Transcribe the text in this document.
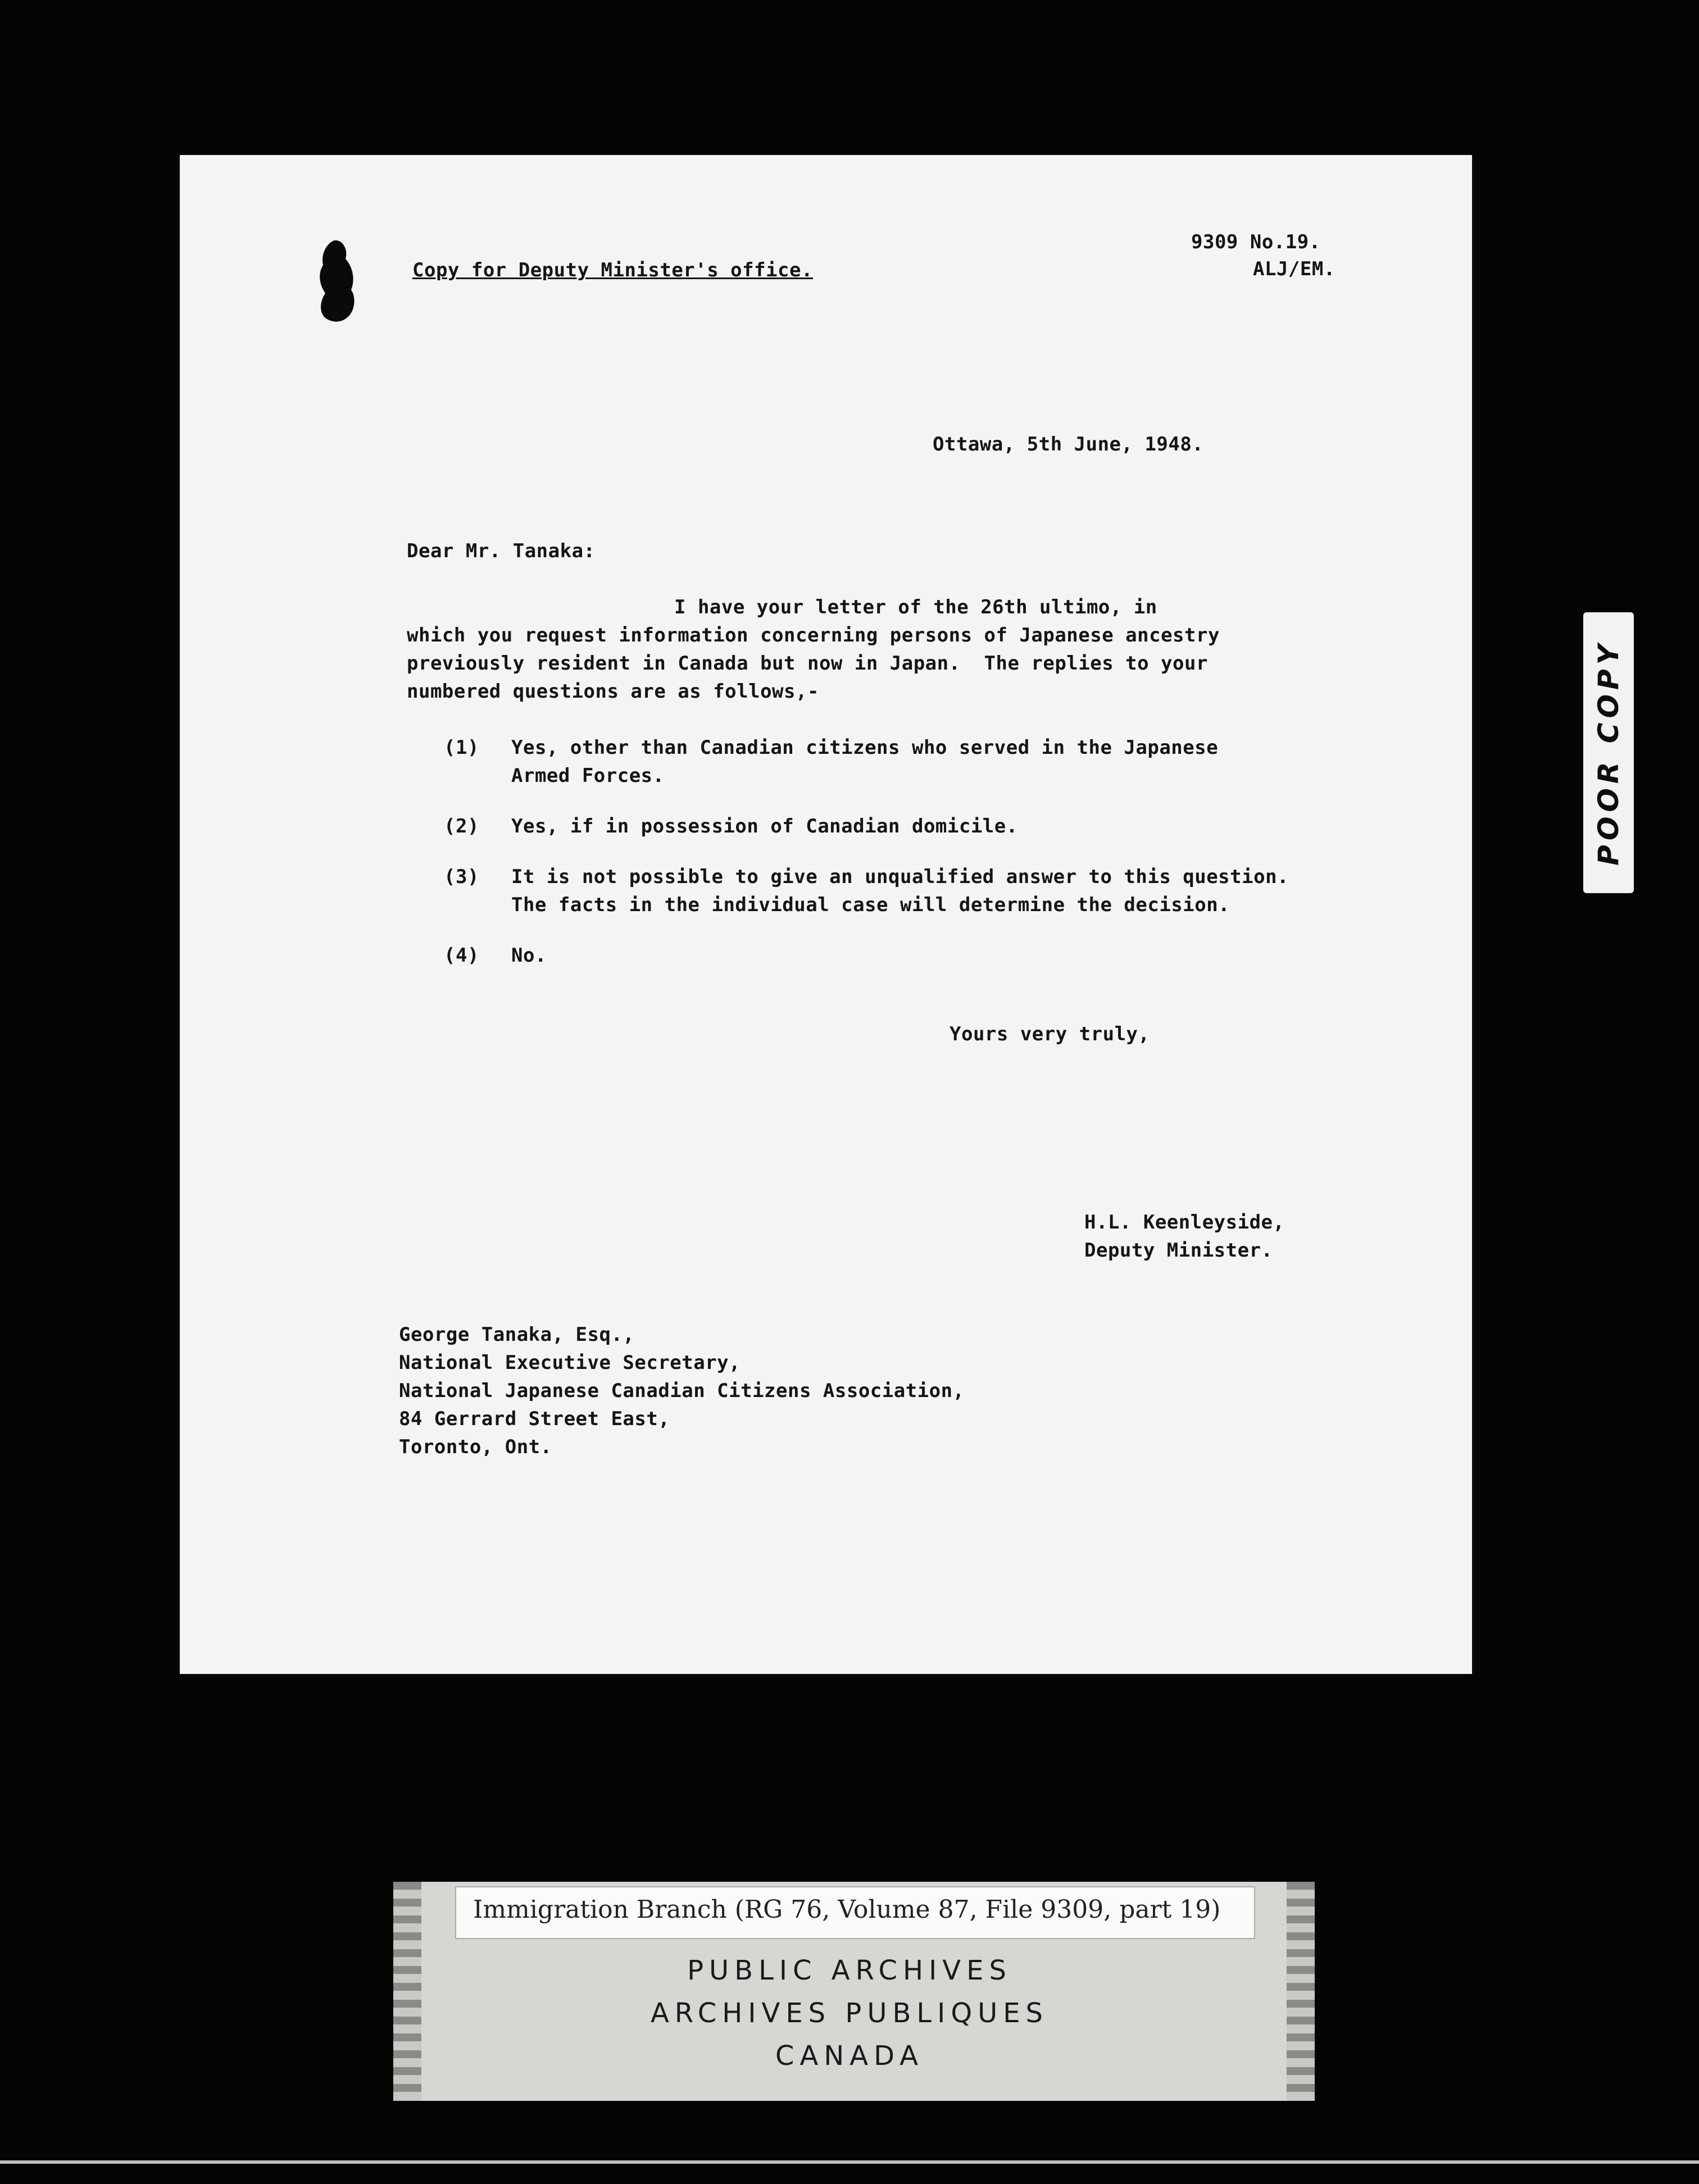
Copy for Deputy Minister's office.

9309 No.19.

ALJ/EM.

Ottawa, 5th June, 1948.

Dear Mr. Tanaka:

I have your letter of the 26th ultimo, in

which you request information concerning persons of Japanese ancestry

previously resident in Canada but now in Japan.  The replies to your

numbered questions are as follows,-

(1)

Yes, other than Canadian citizens who served in the Japanese

Armed Forces.

(2)

Yes, if in possession of Canadian domicile.

(3)

It is not possible to give an unqualified answer to this question.

The facts in the individual case will determine the decision.

(4)

No.

Yours very truly,

H.L. Keenleyside,

Deputy Minister.

George Tanaka, Esq.,

National Executive Secretary,

National Japanese Canadian Citizens Association,

84 Gerrard Street East,

Toronto, Ont.

POOR COPY
Immigration Branch (RG 76, Volume 87, File 9309, part 19)
PUBLIC ARCHIVES
ARCHIVES PUBLIQUES
CANADA
